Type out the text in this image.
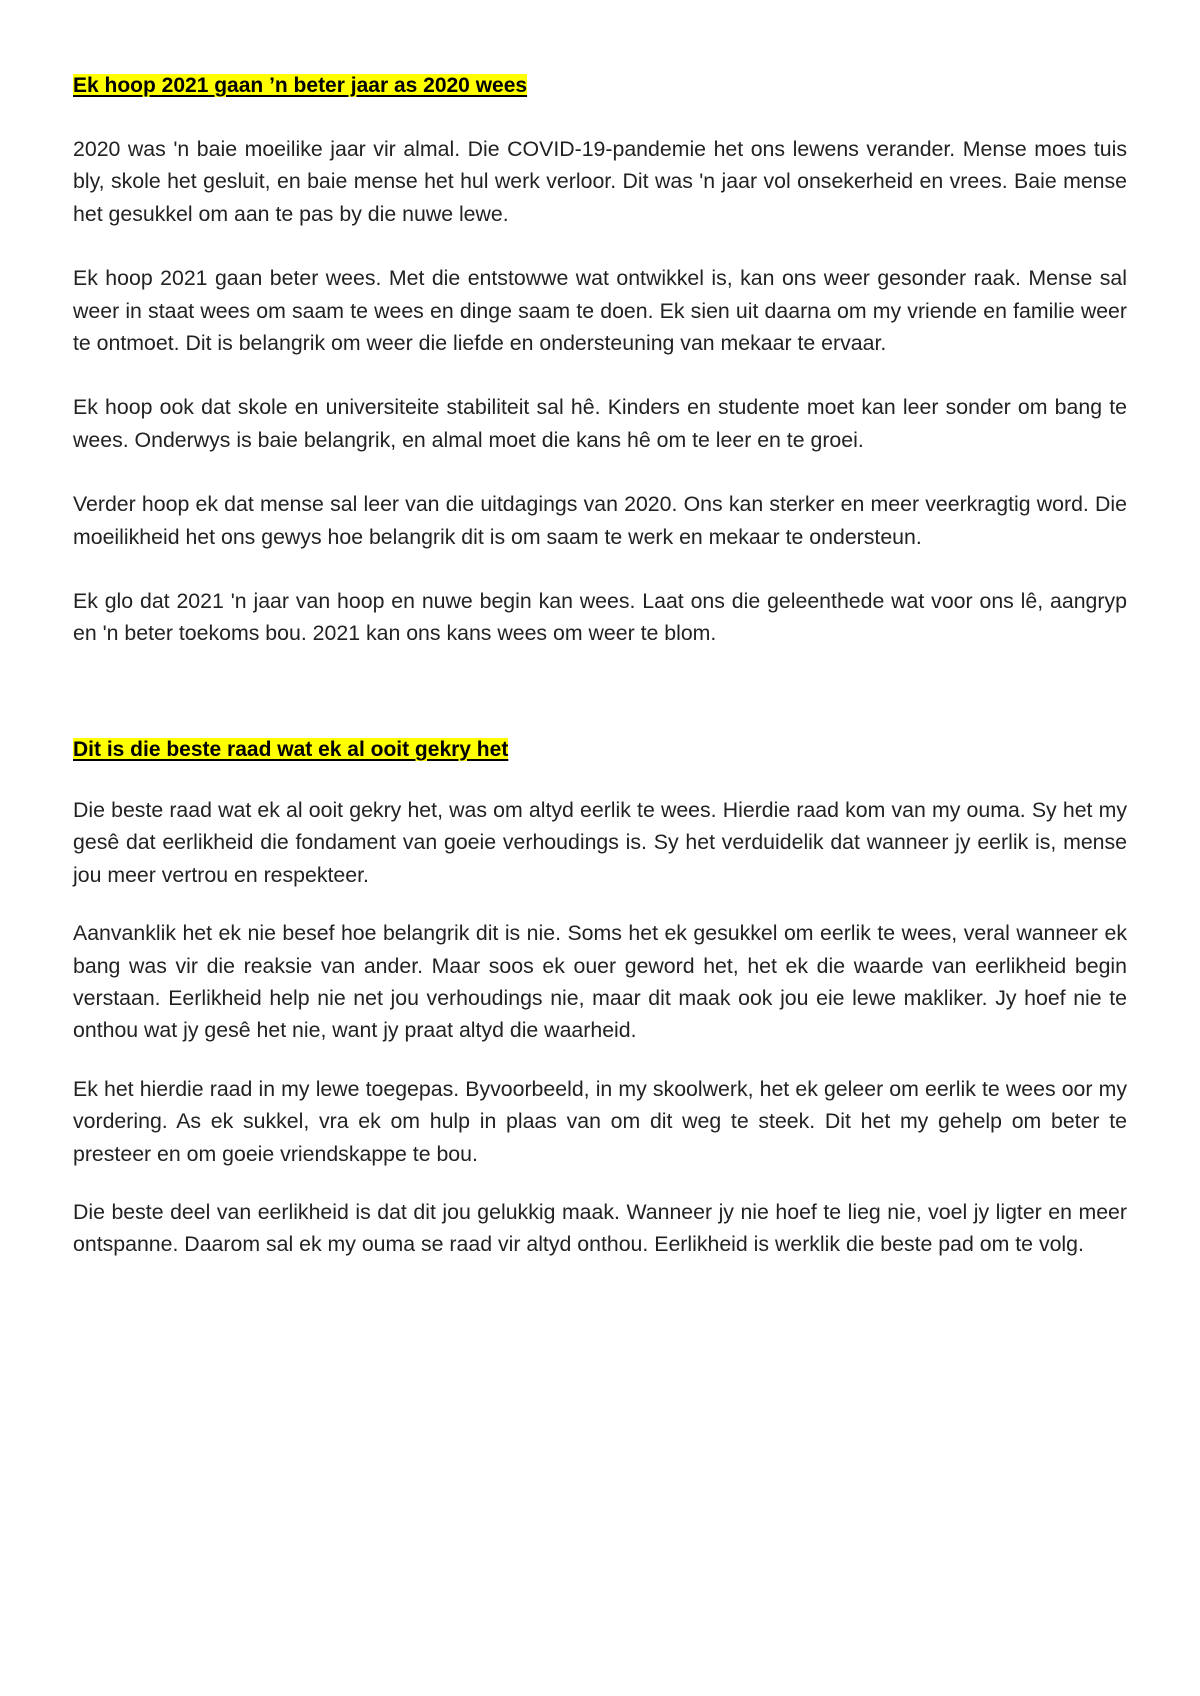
Ek hoop 2021 gaan ’n beter jaar as 2020 wees

2020 was 'n baie moeilike jaar vir almal. Die COVID-19-pandemie het ons lewens verander. Mense moes tuis bly, skole het gesluit, en baie mense het hul werk verloor. Dit was 'n jaar vol onsekerheid en vrees. Baie mense het gesukkel om aan te pas by die nuwe lewe.

Ek hoop 2021 gaan beter wees. Met die entstowwe wat ontwikkel is, kan ons weer gesonder raak. Mense sal weer in staat wees om saam te wees en dinge saam te doen. Ek sien uit daarna om my vriende en familie weer te ontmoet. Dit is belangrik om weer die liefde en ondersteuning van mekaar te ervaar.

Ek hoop ook dat skole en universiteite stabiliteit sal hê. Kinders en studente moet kan leer sonder om bang te wees. Onderwys is baie belangrik, en almal moet die kans hê om te leer en te groei.

Verder hoop ek dat mense sal leer van die uitdagings van 2020. Ons kan sterker en meer veerkragtig word. Die moeilikheid het ons gewys hoe belangrik dit is om saam te werk en mekaar te ondersteun.

Ek glo dat 2021 'n jaar van hoop en nuwe begin kan wees. Laat ons die geleenthede wat voor ons lê, aangryp en 'n beter toekoms bou. 2021 kan ons kans wees om weer te blom.

Dit is die beste raad wat ek al ooit gekry het

Die beste raad wat ek al ooit gekry het, was om altyd eerlik te wees. Hierdie raad kom van my ouma. Sy het my gesê dat eerlikheid die fondament van goeie verhoudings is. Sy het verduidelik dat wanneer jy eerlik is, mense jou meer vertrou en respekteer.

Aanvanklik het ek nie besef hoe belangrik dit is nie. Soms het ek gesukkel om eerlik te wees, veral wanneer ek bang was vir die reaksie van ander. Maar soos ek ouer geword het, het ek die waarde van eerlikheid begin verstaan. Eerlikheid help nie net jou verhoudings nie, maar dit maak ook jou eie lewe makliker. Jy hoef nie te onthou wat jy gesê het nie, want jy praat altyd die waarheid.

Ek het hierdie raad in my lewe toegepas. Byvoorbeeld, in my skoolwerk, het ek geleer om eerlik te wees oor my vordering. As ek sukkel, vra ek om hulp in plaas van om dit weg te steek. Dit het my gehelp om beter te presteer en om goeie vriendskappe te bou.

Die beste deel van eerlikheid is dat dit jou gelukkig maak. Wanneer jy nie hoef te lieg nie, voel jy ligter en meer ontspanne. Daarom sal ek my ouma se raad vir altyd onthou. Eerlikheid is werklik die beste pad om te volg.
